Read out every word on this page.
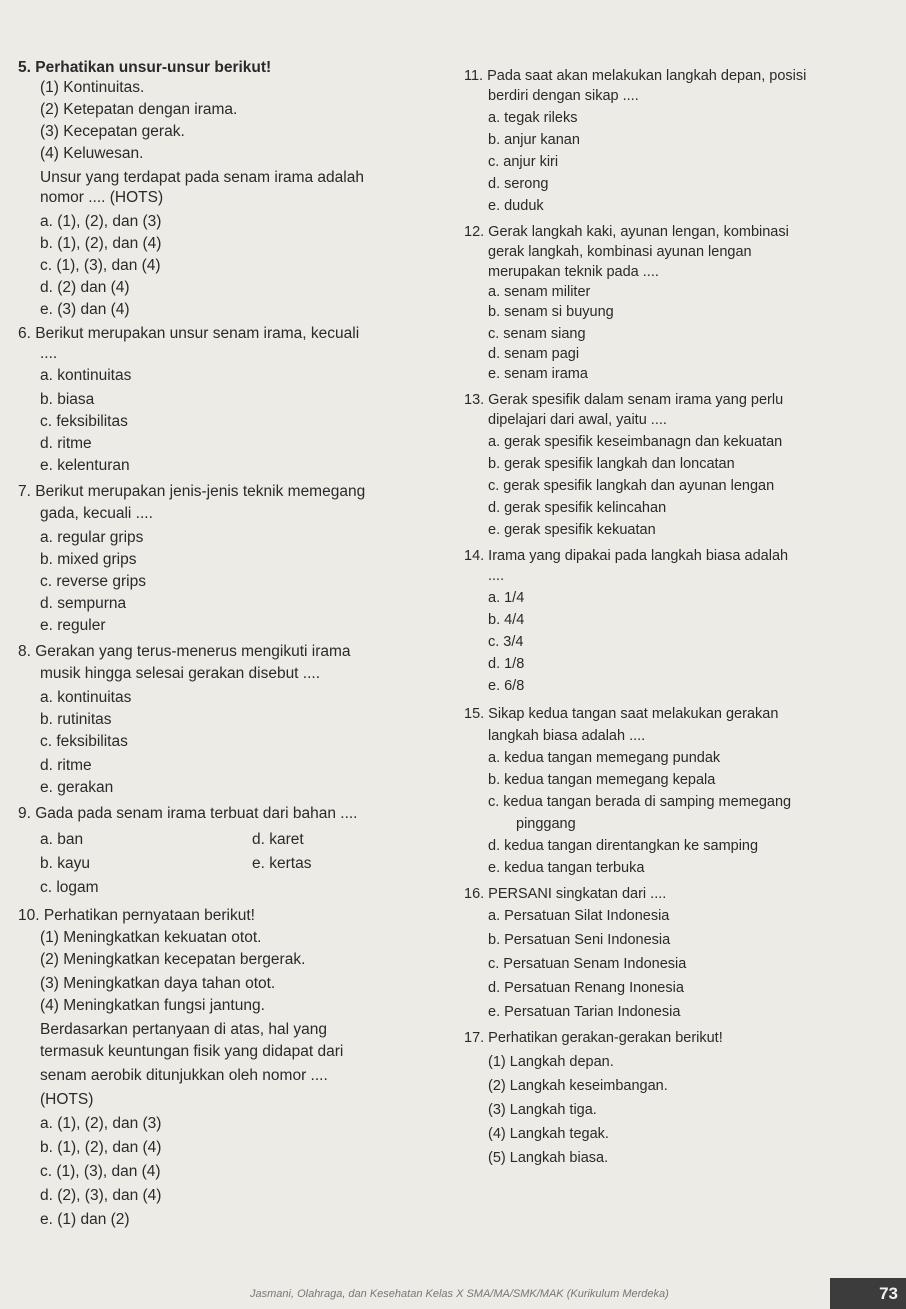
5. Perhatikan unsur-unsur berikut!
(1) Kontinuitas.
(2) Ketepatan dengan irama.
(3) Kecepatan gerak.
(4) Keluwesan.
Unsur yang terdapat pada senam irama adalah
nomor .... (HOTS)
a. (1), (2), dan (3)
b. (1), (2), dan (4)
c. (1), (3), dan (4)
d. (2) dan (4)
e. (3) dan (4)
6. Berikut merupakan unsur senam irama, kecuali
....
a. kontinuitas
b. biasa
c. feksibilitas
d. ritme
e. kelenturan
7. Berikut merupakan jenis-jenis teknik memegang
gada, kecuali ....
a. regular grips
b. mixed grips
c. reverse grips
d. sempurna
e. reguler
8. Gerakan yang terus-menerus mengikuti irama
musik hingga selesai gerakan disebut ....
a. kontinuitas
b. rutinitas
c. feksibilitas
d. ritme
e. gerakan
9. Gada pada senam irama terbuat dari bahan ....
a. ban	d. karet
b. kayu	e. kertas
c. logam
10. Perhatikan pernyataan berikut!
(1) Meningkatkan kekuatan otot.
(2) Meningkatkan kecepatan bergerak.
(3) Meningkatkan daya tahan otot.
(4) Meningkatkan fungsi jantung.
Berdasarkan pertanyaan di atas, hal yang
termasuk keuntungan fisik yang didapat dari
senam aerobik ditunjukkan oleh nomor ....
(HOTS)
a. (1), (2), dan (3)
b. (1), (2), dan (4)
c. (1), (3), dan (4)
d. (2), (3), dan (4)
e. (1) dan (2)
11. Pada saat akan melakukan langkah depan, posisi
berdiri dengan sikap ....
a. tegak rileks
b. anjur kanan
c. anjur kiri
d. serong
e. duduk
12. Gerak langkah kaki, ayunan lengan, kombinasi
gerak langkah, kombinasi ayunan lengan
merupakan teknik pada ....
a. senam militer
b. senam si buyung
c. senam siang
d. senam pagi
e. senam irama
13. Gerak spesifik dalam senam irama yang perlu
dipelajari dari awal, yaitu ....
a. gerak spesifik keseimbanagn dan kekuatan
b. gerak spesifik langkah dan loncatan
c. gerak spesifik langkah dan ayunan lengan
d. gerak spesifik kelincahan
e. gerak spesifik kekuatan
14. Irama yang dipakai pada langkah biasa adalah
....
a. 1/4
b. 4/4
c. 3/4
d. 1/8
e. 6/8
15. Sikap kedua tangan saat melakukan gerakan
langkah biasa adalah ....
a. kedua tangan memegang pundak
b. kedua tangan memegang kepala
c. kedua tangan berada di samping memegang
pinggang
d. kedua tangan direntangkan ke samping
e. kedua tangan terbuka
16. PERSANI singkatan dari ....
a. Persatuan Silat Indonesia
b. Persatuan Seni Indonesia
c. Persatuan Senam Indonesia
d. Persatuan Renang Inonesia
e. Persatuan Tarian Indonesia
17. Perhatikan gerakan-gerakan berikut!
(1) Langkah depan.
(2) Langkah keseimbangan.
(3) Langkah tiga.
(4) Langkah tegak.
(5) Langkah biasa.
Jasmani, Olahraga, dan Kesehatan Kelas X SMA/MA/SMK/MAK (Kurikulum Merdeka)	73
